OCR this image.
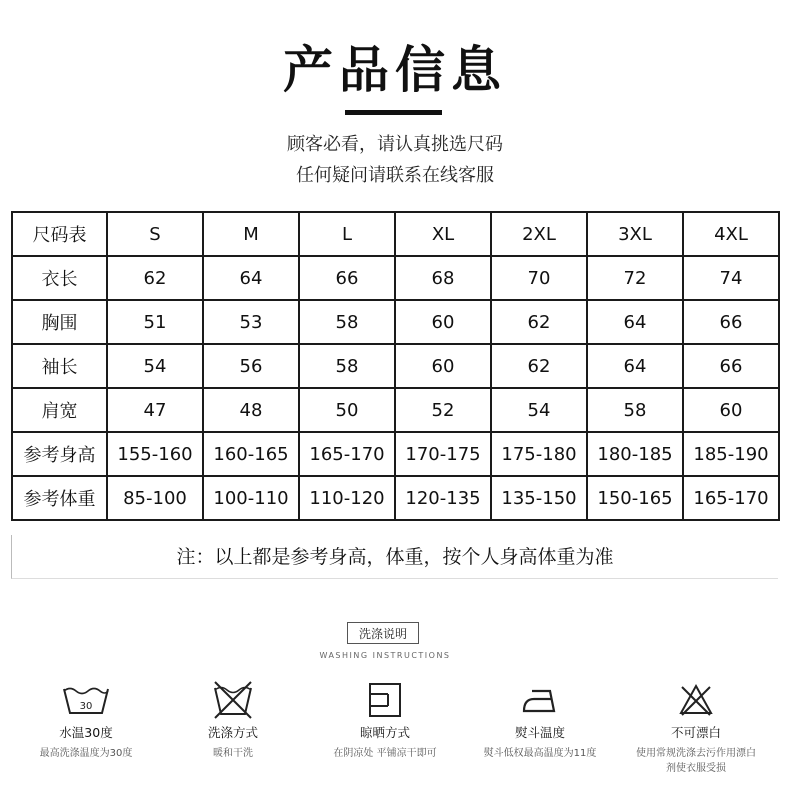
产品信息
顾客必看，请认真挑选尺码
任何疑问请联系在线客服
尺码表	S	M	L	XL	2XL	3XL	4XL
衣长	62	64	66	68	70	72	74
胸围	51	53	58	60	62	64	66
袖长	54	56	58	60	62	64	66
肩宽	47	48	50	52	54	58	60
参考身高	155-160	160-165	165-170	170-175	175-180	180-185	185-190
参考体重	85-100	100-110	110-120	120-135	135-150	150-165	165-170
注：以上都是参考身高，体重，按个人身高体重为准
洗涤说明
WASHING INSTRUCTIONS
30
水温30度
最高洗涤温度为30度
洗涤方式
暖和干洗
晾晒方式
在阴凉处 平铺凉干即可
熨斗温度
熨斗低权最高温度为11度
不可漂白
使用常规洗涤去污作用漂白剂使衣服受损
